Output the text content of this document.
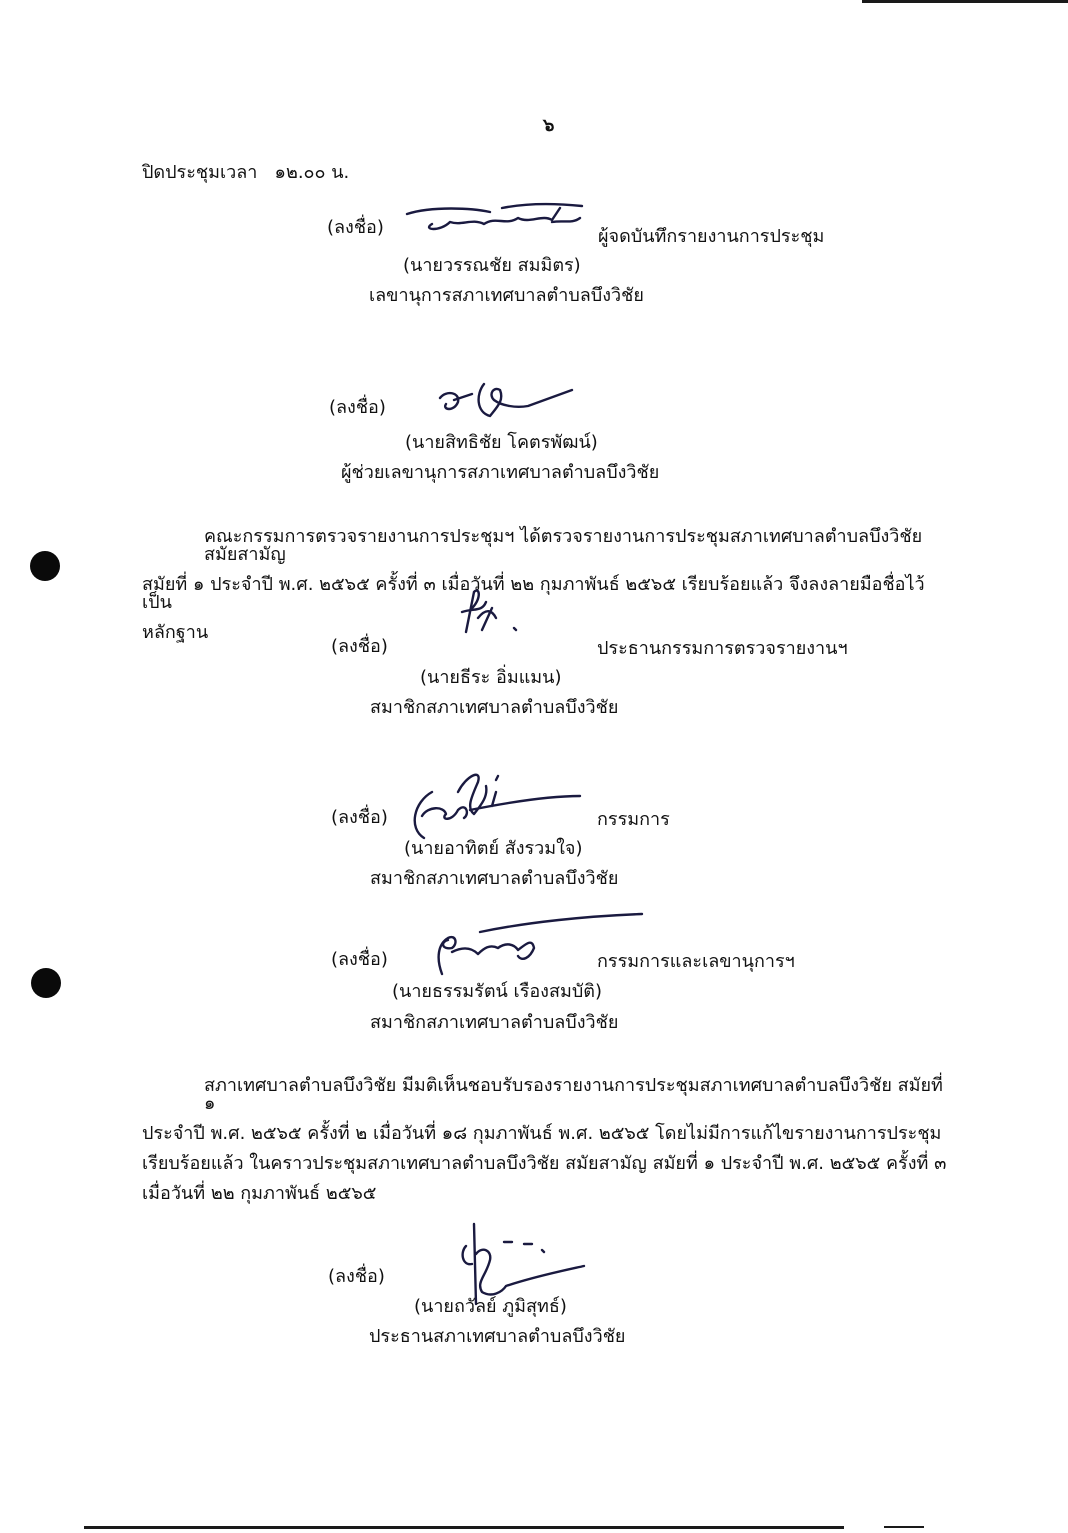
๖
ปิดประชุมเวลา   ๑๒.๐๐ น.
(ลงชื่อ)	ผู้จดบันทึกรายงานการประชุม
(นายวรรณชัย สมมิตร)
เลขานุการสภาเทศบาลตำบลบึงวิชัย
(ลงชื่อ)
(นายสิทธิชัย โคตรพัฒน์)
ผู้ช่วยเลขานุการสภาเทศบาลตำบลบึงวิชัย
คณะกรรมการตรวจรายงานการประชุมฯ ได้ตรวจรายงานการประชุมสภาเทศบาลตำบลบึงวิชัย สมัยสามัญ
สมัยที่ ๑ ประจำปี พ.ศ. ๒๕๖๕ ครั้งที่ ๓ เมื่อวันที่ ๒๒ กุมภาพันธ์ ๒๕๖๕ เรียบร้อยแล้ว จึงลงลายมือชื่อไว้เป็น
หลักฐาน
(ลงชื่อ)	ประธานกรรมการตรวจรายงานฯ
(นายธีระ อิ่มแมน)
สมาชิกสภาเทศบาลตำบลบึงวิชัย
(ลงชื่อ)	กรรมการ
(นายอาทิตย์ สังรวมใจ)
สมาชิกสภาเทศบาลตำบลบึงวิชัย
(ลงชื่อ)	กรรมการและเลขานุการฯ
(นายธรรมรัตน์ เรืองสมบัติ)
สมาชิกสภาเทศบาลตำบลบึงวิชัย
สภาเทศบาลตำบลบึงวิชัย มีมติเห็นชอบรับรองรายงานการประชุมสภาเทศบาลตำบลบึงวิชัย สมัยที่ ๑
ประจำปี พ.ศ. ๒๕๖๕ ครั้งที่ ๒ เมื่อวันที่ ๑๘ กุมภาพันธ์ พ.ศ. ๒๕๖๕ โดยไม่มีการแก้ไขรายงานการประชุม
เรียบร้อยแล้ว ในคราวประชุมสภาเทศบาลตำบลบึงวิชัย สมัยสามัญ สมัยที่ ๑ ประจำปี พ.ศ. ๒๕๖๕ ครั้งที่ ๓
เมื่อวันที่ ๒๒ กุมภาพันธ์ ๒๕๖๕
(ลงชื่อ)
(นายถวัลย์ ภูมิสุทธ์)
ประธานสภาเทศบาลตำบลบึงวิชัย
